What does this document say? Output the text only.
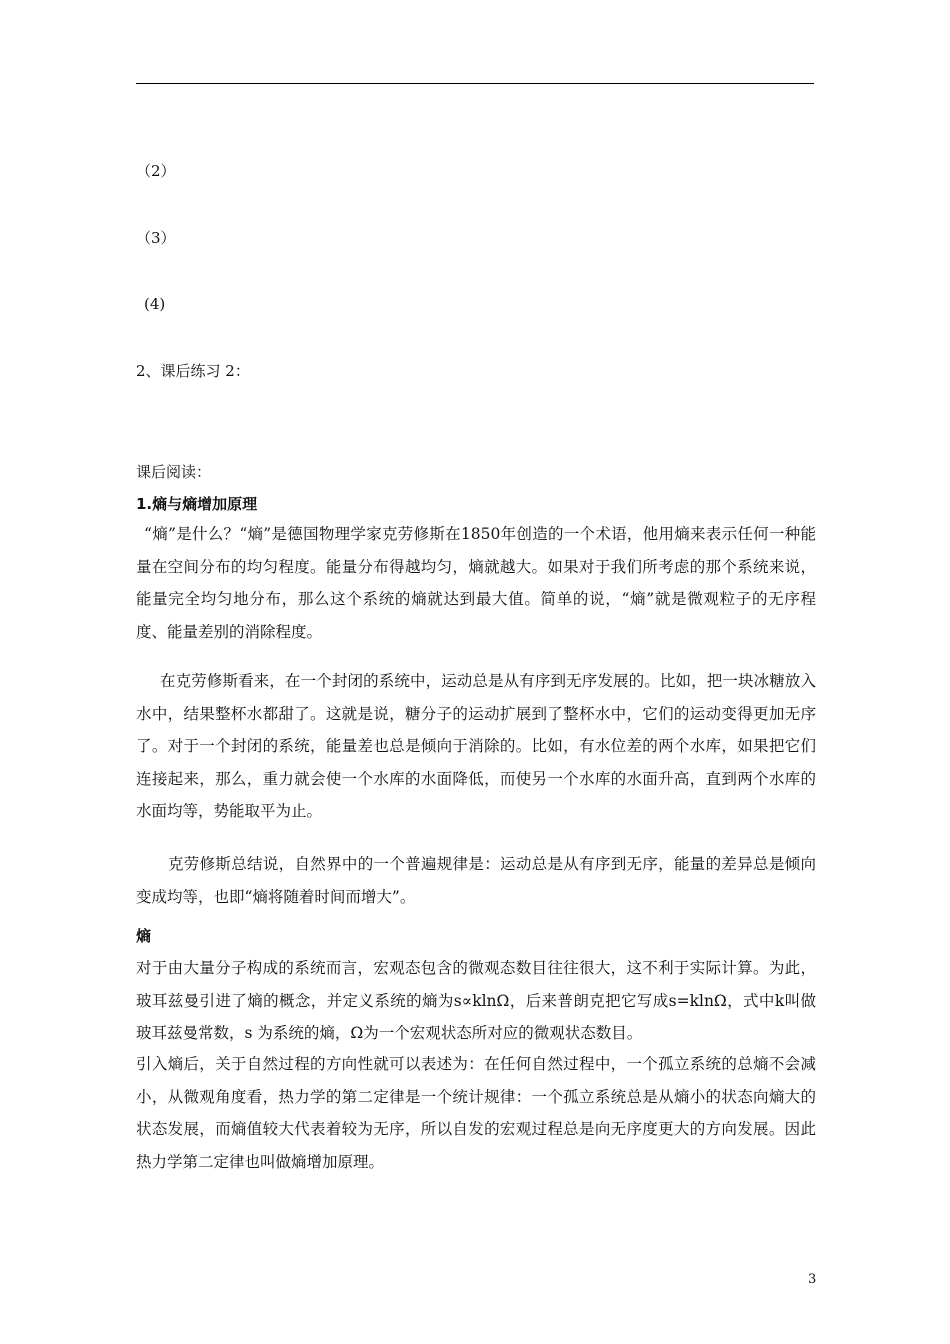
（2）
（3）
(4)
2、课后练习 2：
课后阅读：
1.熵与熵增加原理
“熵”是什么？“熵”是德国物理学家克劳修斯在1850年创造的一个术语，他用熵来表示任何一种能量在空间分布的均匀程度。能量分布得越均匀，熵就越大。如果对于我们所考虑的那个系统来说，能量完全均匀地分布，那么这个系统的熵就达到最大值。简单的说，“熵”就是微观粒子的无序程度、能量差别的消除程度。
在克劳修斯看来，在一个封闭的系统中，运动总是从有序到无序发展的。比如，把一块冰糖放入水中，结果整杯水都甜了。这就是说，糖分子的运动扩展到了整杯水中，它们的运动变得更加无序了。对于一个封闭的系统，能量差也总是倾向于消除的。比如，有水位差的两个水库，如果把它们连接起来，那么，重力就会使一个水库的水面降低，而使另一个水库的水面升高，直到两个水库的水面均等，势能取平为止。
克劳修斯总结说，自然界中的一个普遍规律是：运动总是从有序到无序，能量的差异总是倾向变成均等，也即“熵将随着时间而增大”。
熵
对于由大量分子构成的系统而言，宏观态包含的微观态数目往往很大，这不利于实际计算。为此，玻耳兹曼引进了熵的概念，并定义系统的熵为s∝klnΩ，后来普朗克把它写成s=klnΩ，式中k叫做玻耳兹曼常数，s 为系统的熵，Ω为一个宏观状态所对应的微观状态数目。
引入熵后，关于自然过程的方向性就可以表述为：在任何自然过程中，一个孤立系统的总熵不会减小，从微观角度看，热力学的第二定律是一个统计规律：一个孤立系统总是从熵小的状态向熵大的状态发展，而熵值较大代表着较为无序，所以自发的宏观过程总是向无序度更大的方向发展。因此热力学第二定律也叫做熵增加原理。
3
